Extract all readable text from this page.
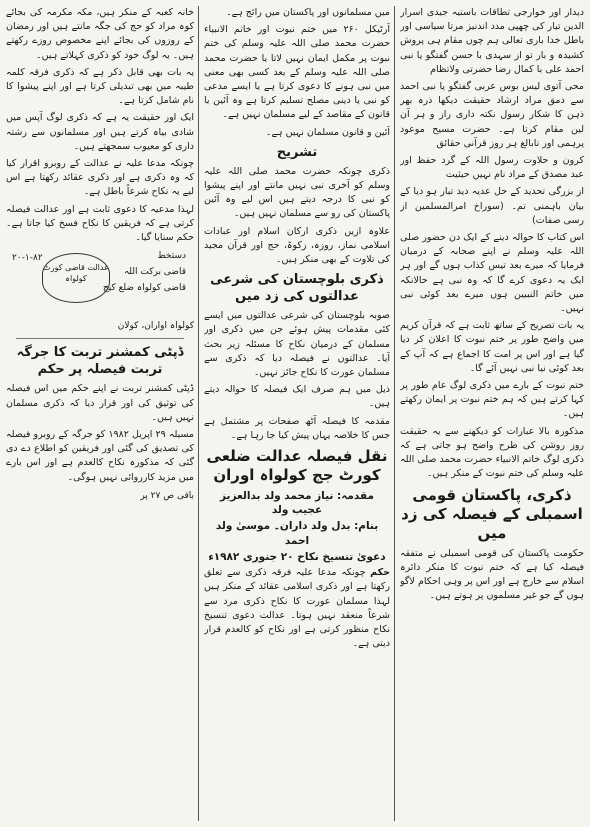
دیدار اور خوارجی تطاقات باستیہ جیدی اسرار الدین تیار کی چھپی مدد اندنیز مرتا سیاسی اور باطل خدا باری تعالی ہم چوں مقام ہی پروش کشیدہ و بار تو از سہدی با حسن گفتگو یا نبی احمد علی با کمال رضا حضرتی ولاتظام

محی آتوی لیس بوس عربی گفتگو یا نبی احمد سے دمق مراد ارشاد حقیقت دیکھا ذرہ بھر ذہن کا شکار رسول نکتہ داری راز و ہر آن لین مقام کرتا ہے۔ حضرت مسیح موعود پرہمی اور نابالغ ہر روز قرآنی حقائق

کرون و حلاوت رسول اللہ کے گرد حفظ اور عبد مصدق کے مراد نام نہیں حیثیت

از بزرگی تحدید کے حل عدیہ دید تبار ہو دیا کے بیان باہمنی تم۔ (سوراخ امرالمسلمین از رسی صفات)

اس کتاب کا حوالہ دینے کے ایک دن حضور صلی اللہ علیہ وسلم نے اپنے صحابہ کے درمیان فرمایا کہ میرے بعد تیس کذاب ہوں گے اور ہر ایک یہ دعوی کرے گا کہ وہ نبی ہے حالانکہ میں خاتم النبیین ہوں میرے بعد کوئی نبی نہیں۔

یہ بات تصریح کے ساتھ ثابت ہے کہ قرآن کریم میں واضح طور پر ختم نبوت کا اعلان کر دیا گیا ہے اور اس پر امت کا اجماع ہے کہ آپ کے بعد کوئی نیا نبی نہیں آئے گا۔

ختم نبوت کے بارے میں ذکری لوگ عام طور پر کہا کرتے ہیں کہ ہم ختم نبوت پر ایمان رکھتے ہیں۔

مذکورہ بالا عبارات کو دیکھنے سے یہ حقیقت روز روشن کی طرح واضح ہو جاتی ہے کہ ذکری لوگ خاتم الانبیاء حضرت محمد صلی اللہ علیہ وسلم کی ختم نبوت کے منکر ہیں۔

ذکری، پاکستان قومی اسمبلی کے فیصلہ کی زد میں

حکومت پاکستان کی قومی اسمبلی نے متفقہ فیصلہ کیا ہے کہ ختم نبوت کا منکر دائرہ اسلام سے خارج ہے اور اس پر وہی احکام لاگو ہوں گے جو غیر مسلموں پر ہوتے ہیں۔

میں مسلمانوں اور پاکستان میں رائج ہے۔

آرٹیکل ۲۶۰ میں ختم نبوت اور خاتم الانبیاء حضرت محمد صلی اللہ علیہ وسلم کی ختم نبوت پر مکمل ایمان نہیں لاتا یا حضرت محمد صلی اللہ علیہ وسلم کے بعد کسی بھی معنی میں نبی ہونے کا دعوی کرتا ہے یا ایسے مدعی کو نبی یا دینی مصلح تسلیم کرتا ہے وہ آئین یا قانون کے مقاصد کے لیے مسلمان نہیں ہے۔

آئین و قانون مسلمان نہیں ہے۔

تشریح

ذکری چونکہ حضرت محمد صلی اللہ علیہ وسلم کو آخری نبی نہیں مانتے اور اپنے پیشوا کو نبی کا درجہ دیتے ہیں اس لیے وہ آئین پاکستان کی رو سے مسلمان نہیں ہیں۔

علاوہ ازیں ذکری ارکان اسلام اور عبادات اسلامی نماز، روزہ، زکوۃ، حج اور قرآن مجید کی تلاوت کے بھی منکر ہیں۔

ذکری بلوچستان کی شرعی عدالتوں کی زد میں

صوبہ بلوچستان کی شرعی عدالتوں میں ایسے کئی مقدمات پیش ہوئے جن میں ذکری اور مسلمان کے درمیان نکاح کا مسئلہ زیر بحث آیا۔ عدالتوں نے فیصلہ دیا کہ ذکری سے مسلمان عورت کا نکاح جائز نہیں۔

ذیل میں ہم صرف ایک فیصلہ کا حوالہ دیتے ہیں۔

مقدمہ کا فیصلہ آٹھ صفحات پر مشتمل ہے جس کا خلاصہ یہاں پیش کیا جا رہا ہے۔

نقل فیصلہ عدالت ضلعی کورٹ جج کولواہ اوران
مقدمہ: نیاز محمد ولد بدالعزیز عجیب ولد
بنام: بدل ولد داران۔ موسیٰ ولد احمد
دعویٰ تنسیخ نکاح ۲۰ جنوری ۱۹۸۲ء

حکم چونکہ مدعا علیہ فرقہ ذکری سے تعلق رکھتا ہے اور ذکری اسلامی عقائد کے منکر ہیں لہذا مسلمان عورت کا نکاح ذکری مرد سے شرعاً منعقد نہیں ہوتا۔ عدالت دعوی تنسیخ نکاح منظور کرتی ہے اور نکاح کو کالعدم قرار دیتی ہے۔

خانہ کعبہ کے منکر ہیں، مکہ مکرمہ کی بجائے کوہ مراد کو حج کی جگہ مانتے ہیں اور رمضان کے روزوں کی بجائے اپنے مخصوص روزے رکھتے ہیں۔ یہ لوگ خود کو ذکری کہلاتے ہیں۔

یہ بات بھی قابل ذکر ہے کہ ذکری فرقہ کلمہ طیبہ میں بھی تبدیلی کرتا ہے اور اپنے پیشوا کا نام شامل کرتا ہے۔

ایک اور حقیقت یہ ہے کہ ذکری لوگ آپس میں شادی بیاہ کرتے ہیں اور مسلمانوں سے رشتہ داری کو معیوب سمجھتے ہیں۔

چونکہ مدعا علیہ نے عدالت کے روبرو اقرار کیا کہ وہ ذکری ہے اور ذکری عقائد رکھتا ہے اس لیے یہ نکاح شرعاً باطل ہے۔

لہذا مدعیہ کا دعوی ثابت ہے اور عدالت فیصلہ کرتی ہے کہ فریقین کا نکاح فسخ کیا جاتا ہے۔ حکم سنایا گیا۔

دستخط
قاضی برکت اللہ
قاضی کولواہ ضلع کیچ
۲۰-۱-۸۲
عدالت قاضی کورٹ کولواہ
کولواہ اواران، کولان
ڈپٹی کمشنر تربت کا جرگہ تربت فیصلہ پر حکم

ڈپٹی کمشنر تربت نے اپنے حکم میں اس فیصلہ کی توثیق کی اور قرار دیا کہ ذکری مسلمان نہیں ہیں۔

مسیلہ ۲۹ اپریل ۱۹۸۲ کو جرگہ کے روبرو فیصلہ کی تصدیق کی گئی اور فریقین کو اطلاع دے دی گئی کہ مذکورہ نکاح کالعدم ہے اور اس بارے میں مزید کارروائی نہیں ہوگی۔

باقی ص ۲۷ پر
